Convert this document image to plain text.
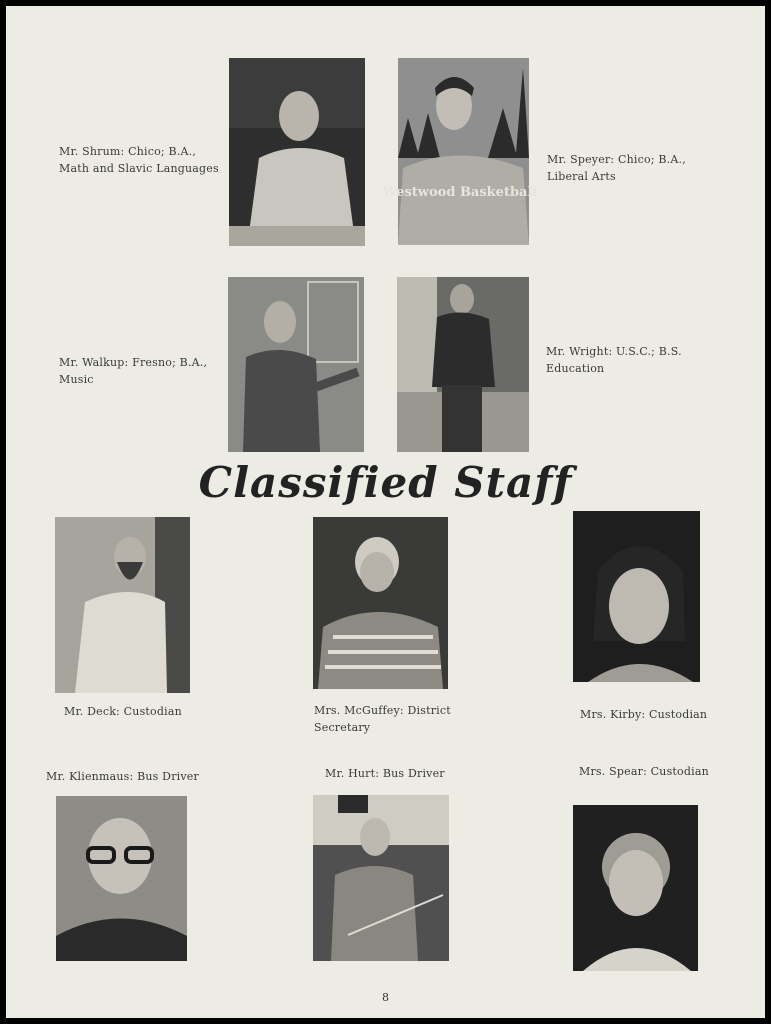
Mr. Shrum: Chico; B.A.,
Math and Slavic Languages
Westwood Basketball
Mr. Speyer: Chico; B.A.,
Liberal Arts
Mr. Walkup: Fresno; B.A.,
Music
Mr. Wright: U.S.C.; B.S.
Education
Classified Staff
Mr. Deck: Custodian	Mrs. McGuffey: District
Secretary
Mrs. Kirby: Custodian
Mr. Klienmaus: Bus Driver	Mr. Hurt: Bus Driver	Mrs. Spear: Custodian
8
